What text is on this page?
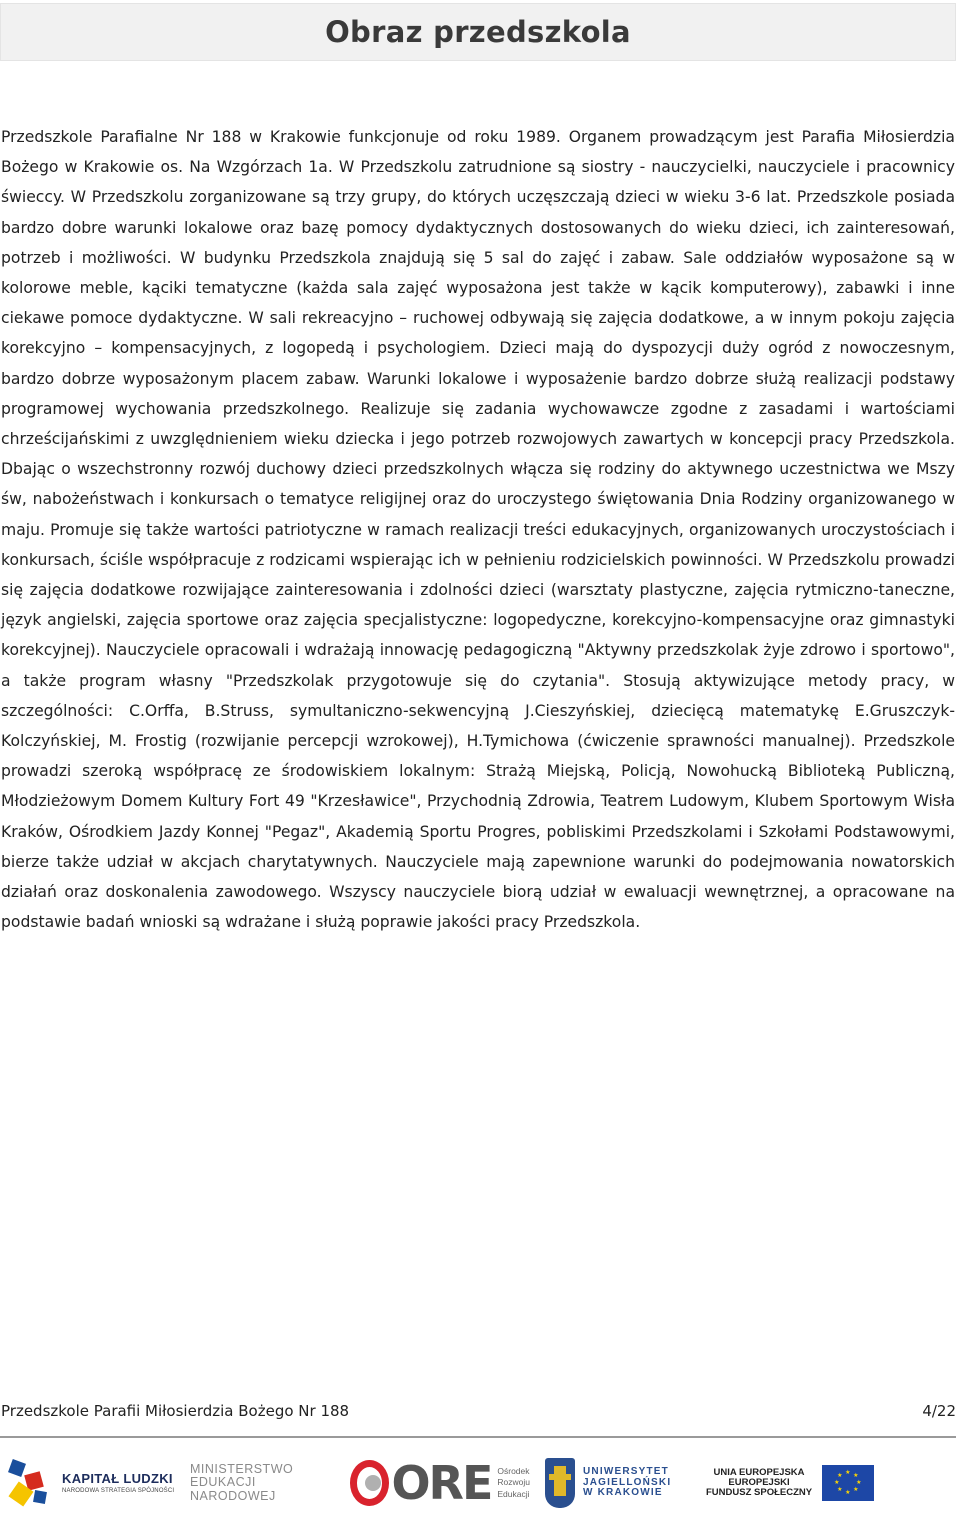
Obraz przedszkola

Przedszkole Parafialne Nr 188 w Krakowie funkcjonuje od roku 1989. Organem prowadzącym jest Parafia Miłosierdzia Bożego w Krakowie os. Na Wzgórzach 1a. W Przedszkolu zatrudnione są siostry - nauczycielki, nauczyciele i pracownicy świeccy. W Przedszkolu zorganizowane są trzy grupy, do których uczęszczają dzieci w wieku 3-6 lat. Przedszkole posiada bardzo dobre warunki lokalowe oraz bazę pomocy dydaktycznych dostosowanych do wieku dzieci, ich zainteresowań, potrzeb i możliwości. W budynku Przedszkola znajdują się 5 sal do zajęć i zabaw. Sale oddziałów wyposażone są w kolorowe meble, kąciki tematyczne (każda sala zajęć wyposażona jest także w kącik komputerowy), zabawki i inne ciekawe pomoce dydaktyczne. W sali rekreacyjno – ruchowej odbywają się zajęcia dodatkowe, a w innym pokoju zajęcia korekcyjno – kompensacyjnych, z logopedą i psychologiem. Dzieci mają do dyspozycji duży ogród z nowoczesnym, bardzo dobrze wyposażonym placem zabaw. Warunki lokalowe i wyposażenie bardzo dobrze służą realizacji podstawy programowej wychowania przedszkolnego. Realizuje się zadania wychowawcze zgodne z zasadami i wartościami chrześcijańskimi z uwzględnieniem wieku dziecka i jego potrzeb rozwojowych zawartych w koncepcji pracy Przedszkola. Dbając o wszechstronny rozwój duchowy dzieci przedszkolnych włącza się rodziny do aktywnego uczestnictwa we Mszy św, nabożeństwach i konkursach o tematyce religijnej oraz do uroczystego świętowania Dnia Rodziny organizowanego w maju. Promuje się także wartości patriotyczne w ramach realizacji treści edukacyjnych, organizowanych uroczystościach i konkursach, ściśle współpracuje z rodzicami wspierając ich w pełnieniu rodzicielskich powinności. W Przedszkolu prowadzi się zajęcia dodatkowe rozwijające zainteresowania i zdolności dzieci (warsztaty plastyczne, zajęcia rytmiczno-taneczne, język angielski, zajęcia sportowe oraz zajęcia specjalistyczne: logopedyczne, korekcyjno-kompensacyjne oraz gimnastyki korekcyjnej). Nauczyciele opracowali i wdrażają innowację pedagogiczną "Aktywny przedszkolak żyje zdrowo i sportowo", a także program własny "Przedszkolak przygotowuje się do czytania". Stosują aktywizujące metody pracy, w szczególności: C.Orffa, B.Struss, symultaniczno-sekwencyjną J.Cieszyńskiej, dziecięcą matematykę E.Gruszczyk-Kolczyńskiej, M. Frostig (rozwijanie percepcji wzrokowej), H.Tymichowa (ćwiczenie sprawności manualnej). Przedszkole prowadzi szeroką współpracę ze środowiskiem lokalnym: Strażą Miejską, Policją, Nowohucką Biblioteką Publiczną, Młodzieżowym Domem Kultury Fort 49 "Krzesławice", Przychodnią Zdrowia, Teatrem Ludowym, Klubem Sportowym Wisła Kraków, Ośrodkiem Jazdy Konnej "Pegaz", Akademią Sportu Progres, pobliskimi Przedszkolami i Szkołami Podstawowymi, bierze także udział w akcjach charytatywnych. Nauczyciele mają zapewnione warunki do podejmowania nowatorskich działań oraz doskonalenia zawodowego. Wszyscy nauczyciele biorą udział w ewaluacji wewnętrznej, a opracowane na podstawie badań wnioski są wdrażane i służą poprawie jakości pracy Przedszkola.

Przedszkole Parafii Miłosierdzia Bożego Nr 188	4/22
KAPITAŁ LUDZKI
NARODOWA STRATEGIA SPÓJNOŚCI
MINISTERSTWO
EDUKACJI
NARODOWEJ	ORE Ośrodek
Rozwoju
Edukacji
UNIWERSYTET
JAGIELLOŃSKI
W KRAKOWIE
UNIA EUROPEJSKA
EUROPEJSKI
FUNDUSZ SPOŁECZNY
★ ★
★
★
★
★
★
★
